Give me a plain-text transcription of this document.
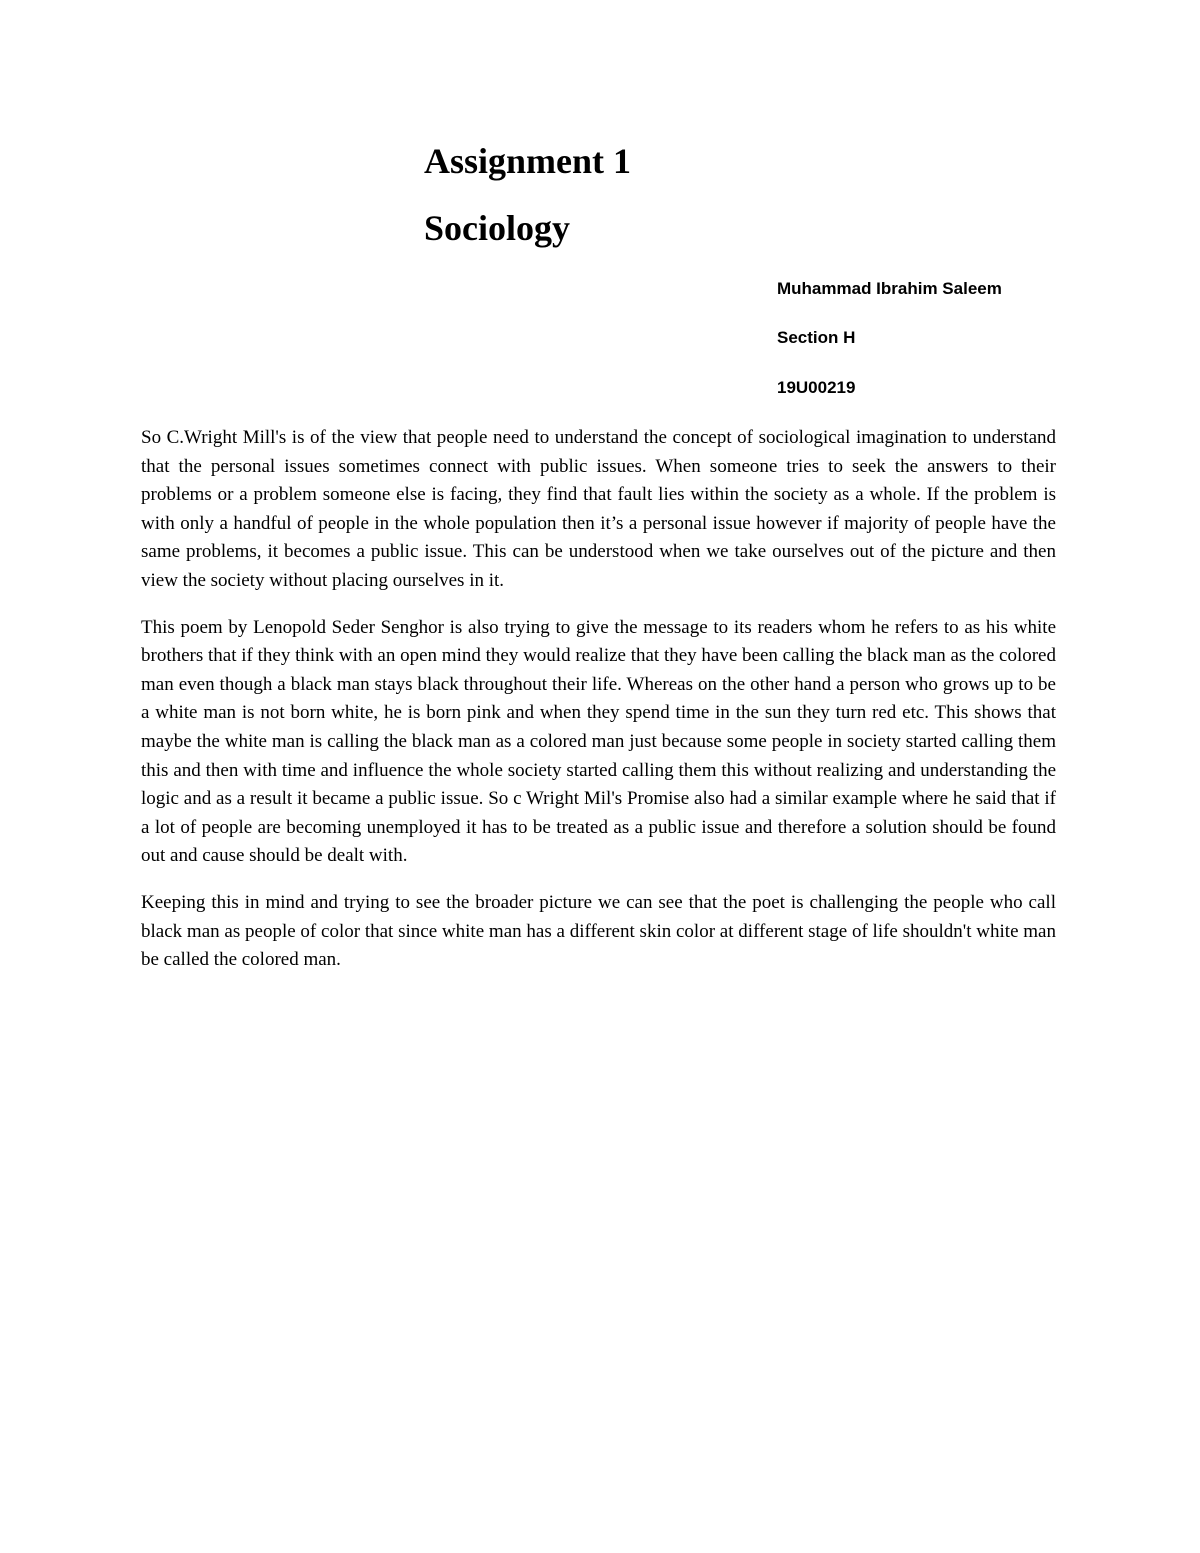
Assignment 1
Sociology
Muhammad Ibrahim Saleem
Section H
19U00219

So C.Wright Mill's is of the view that people need to understand the concept of sociological imagination to understand that the personal issues sometimes connect with public issues. When someone tries to seek the answers to their problems or a problem someone else is facing, they find that fault lies within the society as a whole. If the problem is with only a handful of people in the whole population then it’s a personal issue however if majority of people have the same problems, it becomes a public issue. This can be understood when we take ourselves out of the picture and then view the society without placing ourselves in it.

This poem by Lenopold Seder Senghor is also trying to give the message to its readers whom he refers to as his white brothers that if they think with an open mind they would realize that they have been calling the black man as the colored man even though a black man stays black throughout their life. Whereas on the other hand a person who grows up to be a white man is not born white, he is born pink and when they spend time in the sun they turn red etc. This shows that maybe the white man is calling the black man as a colored man just because some people in society started calling them this and then with time and influence the whole society started calling them this without realizing and understanding the logic and as a result it became a public issue. So c Wright Mil's Promise also had a similar example where he said that if a lot of people are becoming unemployed it has to be treated as a public issue and therefore a solution should be found out and cause should be dealt with.

Keeping this in mind and trying to see the broader picture we can see that the poet is challenging the people who call black man as people of color that since white man has a different skin color at different stage of life shouldn't white man be called the colored man.
